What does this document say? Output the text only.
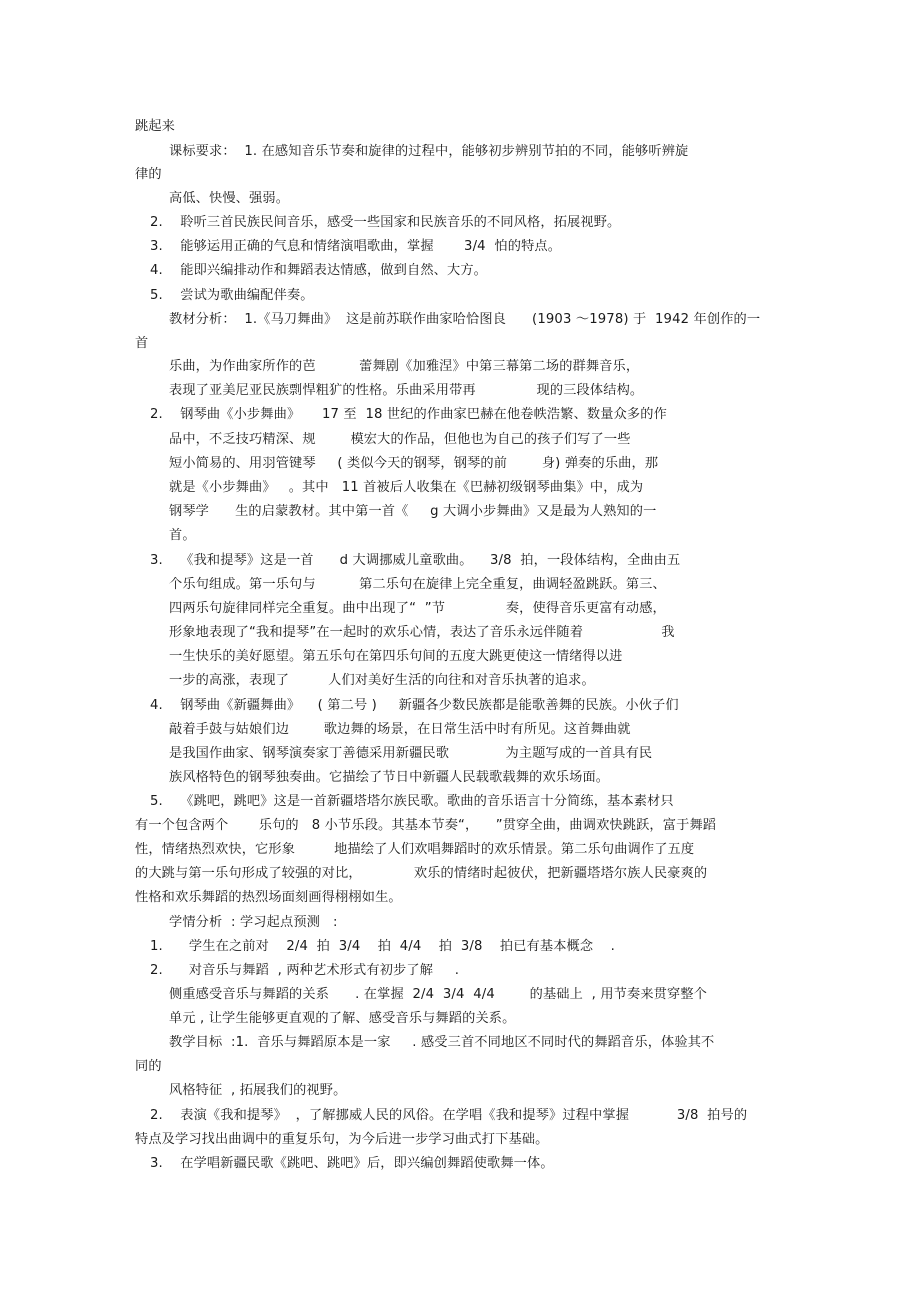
跳起来
课标要求：  1. 在感知音乐节奏和旋律的过程中，能够初步辨别节拍的不同，能够听辨旋
律的
高低、快慢、强弱。
2.    聆听三首民族民间音乐，感受一些国家和民族音乐的不同风格，拓展视野。
3.    能够运用正确的气息和情绪演唱歌曲，掌握       3/4  怕的特点。
4.    能即兴编排动作和舞蹈表达情感，做到自然、大方。
5.    尝试为歌曲编配伴奏。
教材分析：  1.《马刀舞曲》  这是前苏联作曲家哈恰图良      (1903 ～1978) 于  1942 年创作的一
首
乐曲，为作曲家所作的芭          蕾舞剧《加雅涅》中第三幕第二场的群舞音乐，
表现了亚美尼亚民族剽悍粗犷的性格。乐曲采用带再              现的三段体结构。
2.    钢琴曲《小步舞曲》     17 至  18 世纪的作曲家巴赫在他卷帙浩繁、数量众多的作
品中，不乏技巧精深、规        模宏大的作品，但他也为自己的孩子们写了一些
短小简易的、用羽管键琴     ( 类似今天的钢琴，钢琴的前        身) 弹奏的乐曲，那
就是《小步舞曲》   。其中   11 首被后人收集在《巴赫初级钢琴曲集》中，成为
钢琴学      生的启蒙教材。其中第一首《     g 大调小步舞曲》又是最为人熟知的一
首。
3.    《我和提琴》这是一首      d 大调挪威儿童歌曲。    3/8  拍，一段体结构，全曲由五
个乐句组成。第一乐句与          第二乐句在旋律上完全重复，曲调轻盈跳跃。第三、
四两乐句旋律同样完全重复。曲中出现了“  ”节              奏，使得音乐更富有动感，
形象地表现了“我和提琴”在一起时的欢乐心情，表达了音乐永远伴随着                  我
一生快乐的美好愿望。第五乐句在第四乐句间的五度大跳更使这一情绪得以进
一步的高涨，表现了         人们对美好生活的向往和对音乐执著的追求。
4.    钢琴曲《新疆舞曲》    ( 第二号 )     新疆各少数民族都是能歌善舞的民族。小伙子们
敲着手鼓与姑娘们边        歌边舞的场景，在日常生活中时有所见。这首舞曲就
是我国作曲家、钢琴演奏家丁善德采用新疆民歌             为主题写成的一首具有民
族风格特色的钢琴独奏曲。它描绘了节日中新疆人民载歌载舞的欢乐场面。
5.    《跳吧，跳吧》这是一首新疆塔塔尔族民歌。歌曲的音乐语言十分简练，基本素材只
有一个包含两个       乐句的   8 小节乐段。其基本节奏“，    ”贯穿全曲，曲调欢快跳跃，富于舞蹈
性，情绪热烈欢快，它形象         地描绘了人们欢唱舞蹈时的欢乐情景。第二乐句曲调作了五度
的大跳与第一乐句形成了较强的对比，            欢乐的情绪时起彼伏，把新疆塔塔尔族人民豪爽的
性格和欢乐舞蹈的热烈场面刻画得栩栩如生。
学情分析  : 学习起点预测   :
1.      学生在之前对    2/4  拍  3/4    拍  4/4    拍  3/8    拍已有基本概念    .
2.      对音乐与舞蹈  , 两种艺术形式有初步了解     .
侧重感受音乐与舞蹈的关系      . 在掌握  2/4  3/4  4/4        的基础上  , 用节奏来贯穿整个
单元 , 让学生能够更直观的了解、感受音乐与舞蹈的关系。
教学目标  :1.  音乐与舞蹈原本是一家     . 感受三首不同地区不同时代的舞蹈音乐，体验其不
同的
风格特征  , 拓展我们的视野。
2.    表演《我和提琴》  ，了解挪威人民的风俗。在学唱《我和提琴》过程中掌握           3/8  拍号的
特点及学习找出曲调中的重复乐句，为今后进一步学习曲式打下基础。
3.    在学唱新疆民歌《跳吧、跳吧》后，即兴编创舞蹈使歌舞一体。
